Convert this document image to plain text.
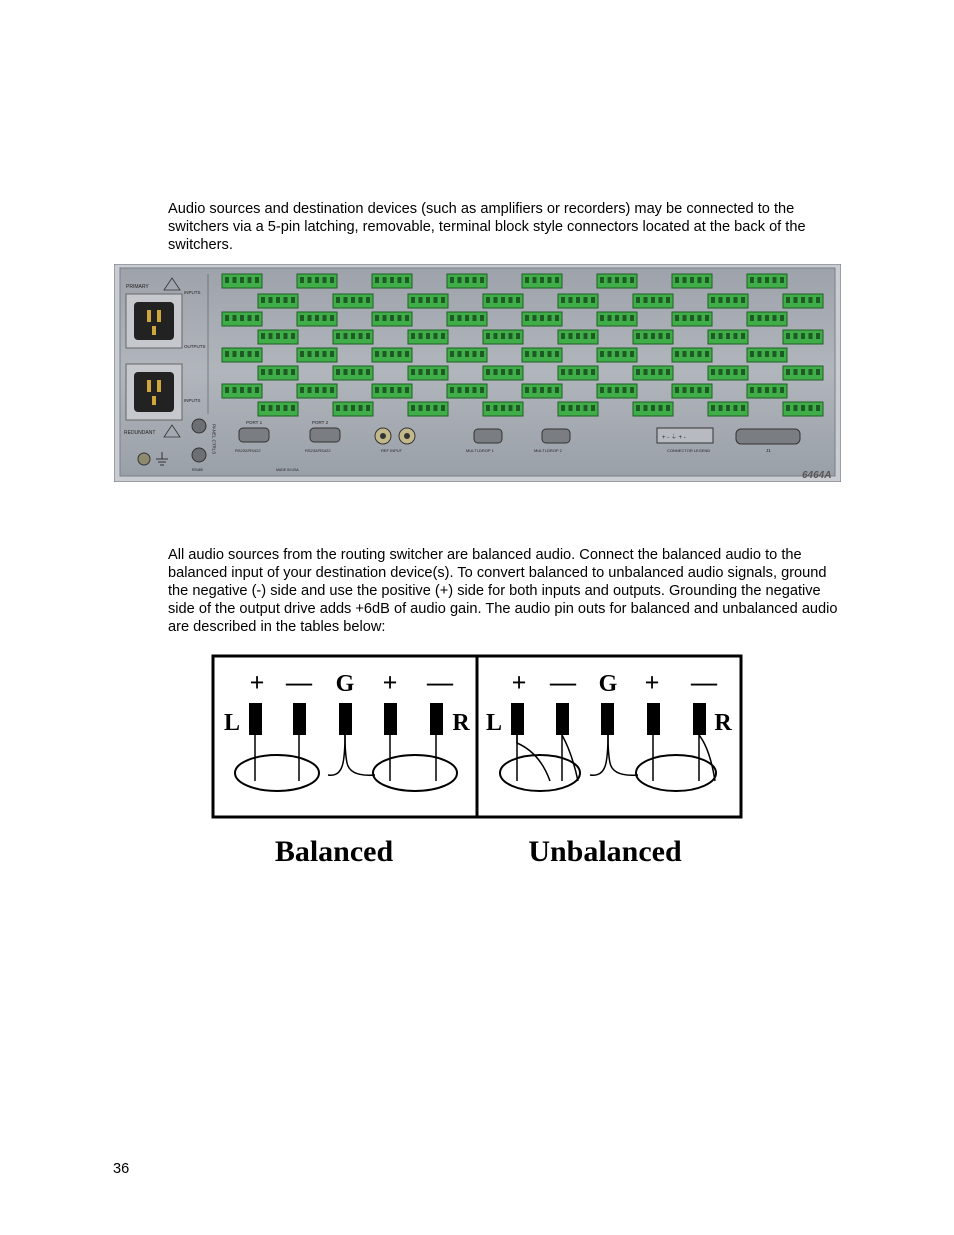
Audio sources and destination devices (such as amplifiers or recorders) may be connected to the switchers via a 5-pin latching, removable, terminal block style connectors located at the back of the switchers.

PRIMARY
REDUNDANT
INPUTS
OUTPUTS
INPUTS
PANEL CTRLS
RS485
PORT 1
RS232/RS422
PORT 2
RS232/RS422
MADE IN USA
REF INPUT	MULTI-DROP 1	MULTI-DROP 2
+ - ⏚ + -
CONNECTOR LEGEND	J1
6464A

All audio sources from the routing switcher are balanced audio. Connect the balanced audio to the balanced input of your destination device(s). To convert balanced to unbalanced audio signals, ground the negative (-) side and use the positive (+) side for both inputs and outputs. Grounding the negative side of the output drive adds +6dB of audio gain. The audio pin outs for balanced and unbalanced audio are described in the tables below:

+ — G + —
L	R
+ — G + —
L	R
Balanced	Unbalanced
36
